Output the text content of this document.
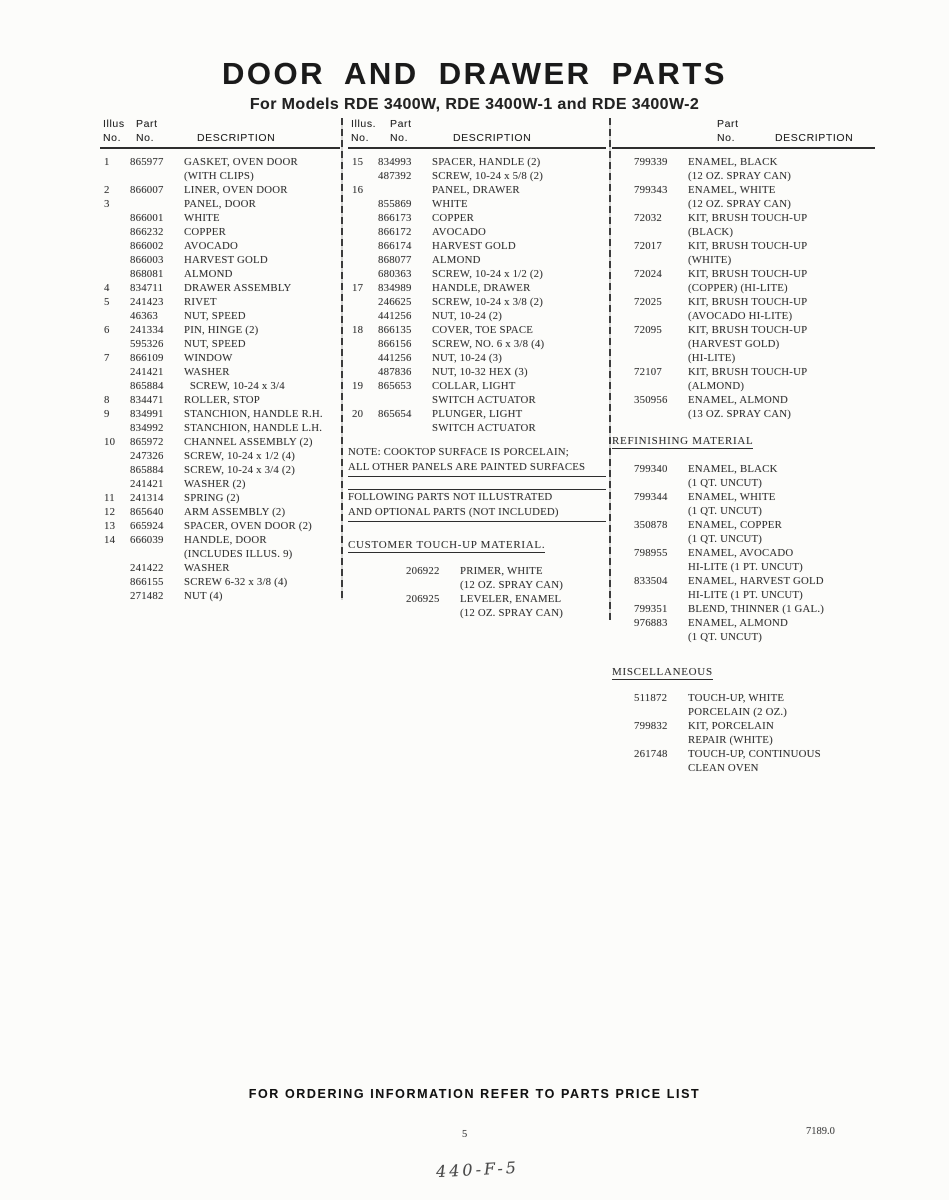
DOOR AND DRAWER PARTS
For Models RDE 3400W, RDE 3400W-1 and RDE 3400W-2
Illus Part
No. No.	DESCRIPTION
1	865977	GASKET, OVEN DOOR
(WITH CLIPS)
2	866007	LINER, OVEN DOOR
3	PANEL, DOOR
866001	WHITE
866232	COPPER
866002	AVOCADO
866003	HARVEST GOLD
868081	ALMOND
4	834711	DRAWER ASSEMBLY
5	241423	RIVET
46363	NUT, SPEED
6	241334	PIN, HINGE (2)
595326	NUT, SPEED
7	866109	WINDOW
241421	WASHER
865884	SCREW, 10-24 x 3/4
8	834471	ROLLER, STOP
9	834991	STANCHION, HANDLE R.H.
834992	STANCHION, HANDLE L.H.
10	865972	CHANNEL ASSEMBLY (2)
247326	SCREW, 10-24 x 1/2 (4)
865884	SCREW, 10-24 x 3/4 (2)
241421	WASHER (2)
11	241314	SPRING (2)
12	865640	ARM ASSEMBLY (2)
13	665924	SPACER, OVEN DOOR (2)
14	666039	HANDLE, DOOR
(INCLUDES ILLUS. 9)
241422	WASHER
866155	SCREW 6-32 x 3/8 (4)
271482	NUT (4)
Illus. Part
No. No.	DESCRIPTION
15	834993	SPACER, HANDLE (2)
487392	SCREW, 10-24 x 5/8 (2)
16	PANEL, DRAWER
855869	WHITE
866173	COPPER
866172	AVOCADO
866174	HARVEST GOLD
868077	ALMOND
680363	SCREW, 10-24 x 1/2 (2)
17	834989	HANDLE, DRAWER
246625	SCREW, 10-24 x 3/8 (2)
441256	NUT, 10-24 (2)
18	866135	COVER, TOE SPACE
866156	SCREW, NO. 6 x 3/8 (4)
441256	NUT, 10-24 (3)
487836	NUT, 10-32 HEX (3)
19	865653	COLLAR, LIGHT
SWITCH ACTUATOR
20	865654	PLUNGER, LIGHT
SWITCH ACTUATOR
NOTE: COOKTOP SURFACE IS PORCELAIN;
ALL OTHER PANELS ARE PAINTED SURFACES
FOLLOWING PARTS NOT ILLUSTRATED
AND OPTIONAL PARTS (NOT INCLUDED)
CUSTOMER TOUCH-UP MATERIAL.
206922	PRIMER, WHITE
(12 OZ. SPRAY CAN)
206925	LEVELER, ENAMEL
(12 OZ. SPRAY CAN)
Part
No.	DESCRIPTION
799339	ENAMEL, BLACK
(12 OZ. SPRAY CAN)
799343	ENAMEL, WHITE
(12 OZ. SPRAY CAN)
72032	KIT, BRUSH TOUCH-UP
(BLACK)
72017	KIT, BRUSH TOUCH-UP
(WHITE)
72024	KIT, BRUSH TOUCH-UP
(COPPER) (HI-LITE)
72025	KIT, BRUSH TOUCH-UP
(AVOCADO HI-LITE)
72095	KIT, BRUSH TOUCH-UP
(HARVEST GOLD)
(HI-LITE)
72107	KIT, BRUSH TOUCH-UP
(ALMOND)
350956	ENAMEL, ALMOND
(13 OZ. SPRAY CAN)
REFINISHING MATERIAL
799340	ENAMEL, BLACK
(1 QT. UNCUT)
799344	ENAMEL, WHITE
(1 QT. UNCUT)
350878	ENAMEL, COPPER
(1 QT. UNCUT)
798955	ENAMEL, AVOCADO
HI-LITE (1 PT. UNCUT)
833504	ENAMEL, HARVEST GOLD
HI-LITE (1 PT. UNCUT)
799351	BLEND, THINNER (1 GAL.)
976883	ENAMEL, ALMOND
(1 QT. UNCUT)
MISCELLANEOUS
511872	TOUCH-UP, WHITE
PORCELAIN (2 OZ.)
799832	KIT, PORCELAIN
REPAIR (WHITE)
261748	TOUCH-UP, CONTINUOUS
CLEAN OVEN
FOR ORDERING INFORMATION REFER TO PARTS PRICE LIST
5	7189.0
440-F-5
